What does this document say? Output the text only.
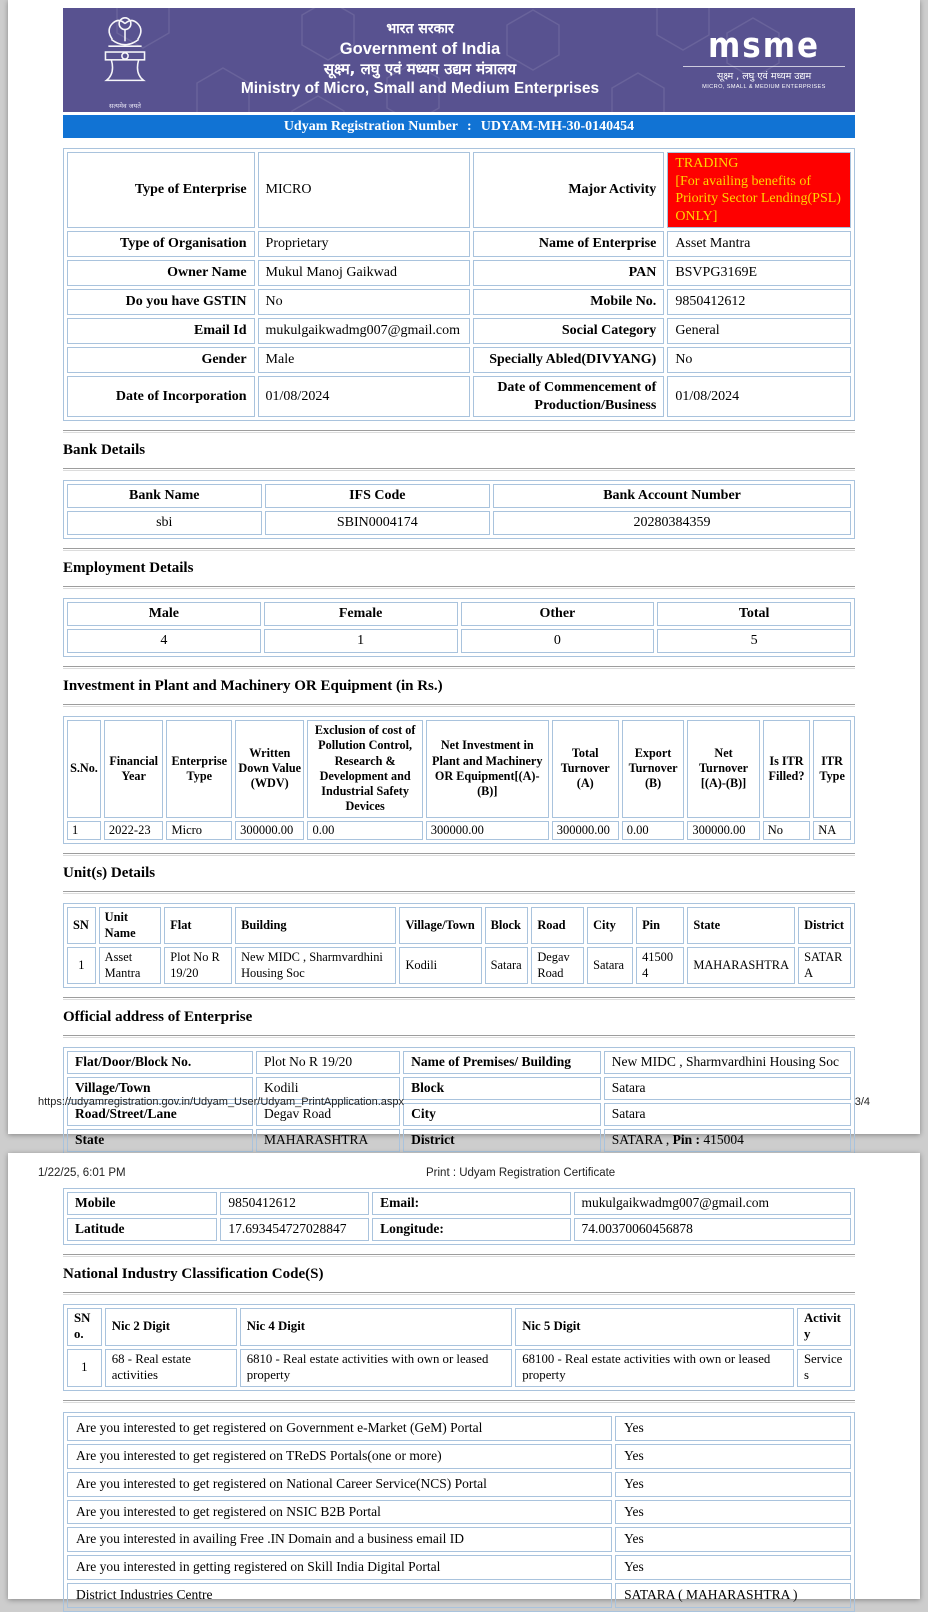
सत्यमेव जयते
भारत सरकार
Government of India
सूक्ष्म, लघु एवं मध्यम उद्यम मंत्रालय
Ministry of Micro, Small and Medium Enterprises
msme
सूक्ष्म , लघु एवं मध्यम उद्यम
MICRO, SMALL & MEDIUM ENTERPRISES
Udyam Registration Number : UDYAM-MH-30-0140454
Type of Enterprise	MICRO	Major Activity	TRADING
[For availing benefits of Priority Sector Lending(PSL) ONLY]

Type of Organisation	Proprietary	Name of Enterprise	Asset Mantra
Owner Name	Mukul Manoj Gaikwad	PAN	BSVPG3169E
Do you have GSTIN	No	Mobile No.	9850412612
Email Id	mukulgaikwadmg007@gmail.com	Social Category	General
Gender	Male	Specially Abled(DIVYANG)	No
Date of Incorporation	01/08/2024	Date of Commencement of Production/Business	01/08/2024
Bank Details
Bank Name	IFS Code	Bank Account Number
sbi	SBIN0004174	20280384359
Employment Details
Male	Female	Other	Total
4	1	0	5
Investment in Plant and Machinery OR Equipment (in Rs.)
S.No.	Financial Year	Enterprise Type	Written Down Value (WDV)	Exclusion of cost of Pollution Control, Research & Development and Industrial Safety Devices	Net Investment in Plant and Machinery OR Equipment[(A)-(B)]	Total Turnover (A)	Export Turnover (B)	Net Turnover [(A)-(B)]	Is ITR Filled?	ITR Type
1	2022-23	Micro	300000.00	0.00	300000.00	300000.00	0.00	300000.00	No	NA
Unit(s) Details
SN	Unit Name	Flat	Building	Village/Town	Block	Road	City	Pin	State	District
1	Asset Mantra	Plot No R 19/20	New MIDC , Sharmvardhini Housing Soc	Kodili	Satara	Degav Road	Satara	415004	MAHARASHTRA	SATARA
Official address of Enterprise
Flat/Door/Block No.	Plot No R 19/20	Name of Premises/ Building	New MIDC , Sharmvardhini Housing Soc
Village/Town	Kodili	Block	Satara
Road/Street/Lane	Degav Road	City	Satara
State	MAHARASHTRA	District	SATARA , Pin : 415004
https://udyamregistration.gov.in/Udyam_User/Udyam_PrintApplication.aspx	3/4
1/22/25, 6:01 PM	Print : Udyam Registration Certificate
Mobile	9850412612	Email:	mukulgaikwadmg007@gmail.com
Latitude	17.693454727028847	Longitude:	74.00370060456878
National Industry Classification Code(S)
SNo.	Nic 2 Digit	Nic 4 Digit	Nic 5 Digit	Activity
1	68 - Real estate activities	6810 - Real estate activities with own or leased property	68100 - Real estate activities with own or leased property	Services
Are you interested to get registered on Government e-Market (GeM) Portal	Yes
Are you interested to get registered on TReDS Portals(one or more)	Yes
Are you interested to get registered on National Career Service(NCS) Portal	Yes
Are you interested to get registered on NSIC B2B Portal	Yes
Are you interested in availing Free .IN Domain and a business email ID	Yes
Are you interested in getting registered on Skill India Digital Portal	Yes
District Industries Centre	SATARA ( MAHARASHTRA )
